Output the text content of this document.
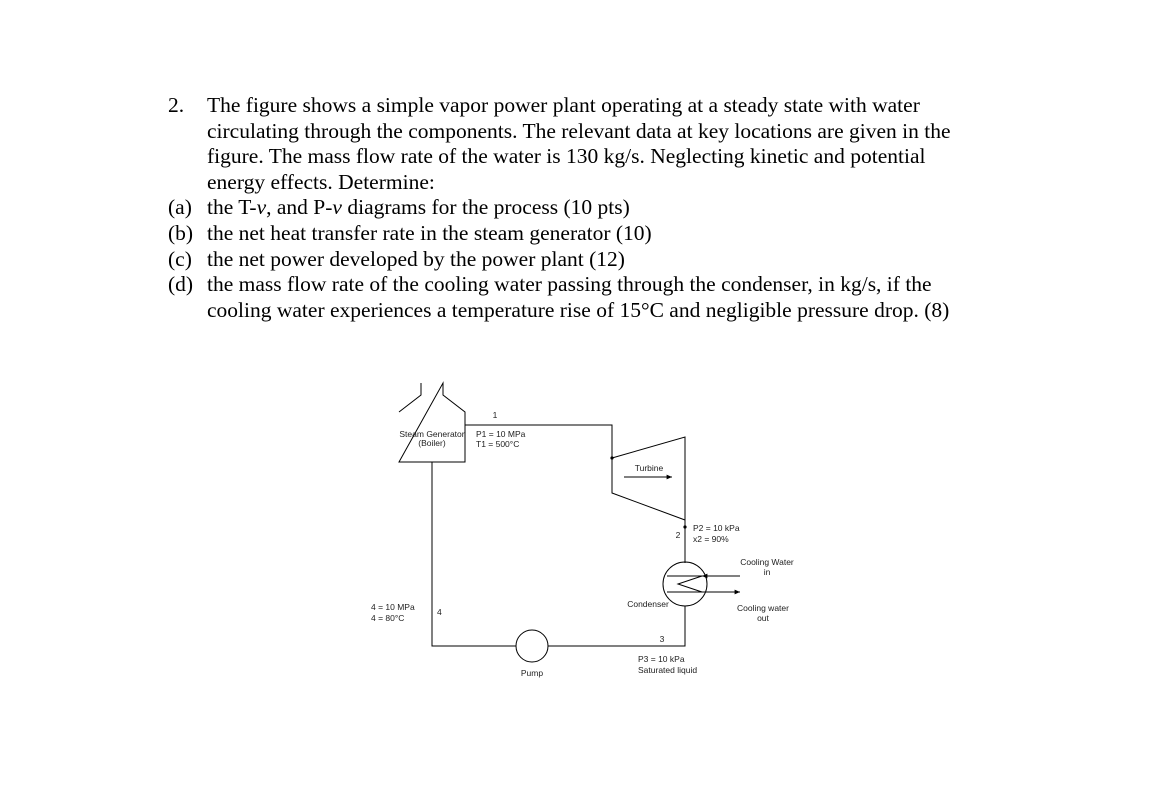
2.	The figure shows a simple vapor power plant operating at a steady state with water
circulating through the components. The relevant data at key locations are given in the
figure. The mass flow rate of the water is 130 kg/s. Neglecting kinetic and potential
energy effects. Determine:
(a) the T-v, and P-v diagrams for the process (10 pts)
(b) the net heat transfer rate in the steam generator (10)
(c) the net power developed by the power plant (12)
(d) the mass flow rate of the cooling water passing through the condenser, in kg/s, if the
cooling water experiences a temperature rise of 15°C and negligible pressure drop. (8)
Steam Generator
(Boiler)
1
P1 = 10 MPa
T1 = 500°C
Turbine
2
P2 = 10 kPa
x2 = 90%
Cooling Water
in
Condenser	Cooling water
out
3
P3 = 10 kPa
Saturated liquid
Pump
4
4 = 10 MPa
4 = 80°C
